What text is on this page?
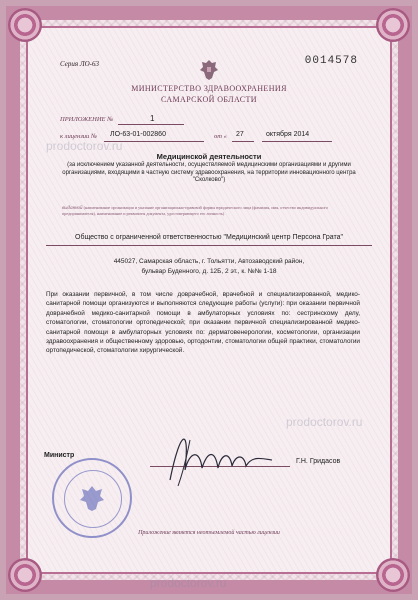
Серия ЛО-63	0014578
МИНИСТЕРСТВО ЗДРАВООХРАНЕНИЯ
САМАРСКОЙ ОБЛАСТИ
ПРИЛОЖЕНИЕ №	1
к лицензии № ЛО-63-01-002860	от « 27	октября 2014
Медицинской деятельности
(за исключением указанной деятельности, осуществляемой медицинскими организациями и другими организациями, входящими в частную систему здравоохранения, на территории инновационного центра "Сколково")
выданной (наименование организации и указание организационно-правовой формы юридического лица (фамилия, имя, отчество индивидуального предпринимателя), наименование и реквизиты документа, удостоверяющего его личность)
Общество с ограниченной ответственностью "Медицинский центр Персона Грата"
445027, Самарская область, г. Тольятти, Автозаводский район,
бульвар Буденного, д. 12Б, 2 эт., к. №№ 1-18
При оказании первичной, в том числе доврачебной, врачебной и специализированной, медико-санитарной помощи организуются и выполняются следующие работы (услуги): при оказании первичной доврачебной медико-санитарной помощи в амбулаторных условиях по: сестринскому делу, стоматологии, стоматологии ортопедической; при оказании первичной специализированной медико-санитарной помощи в амбулаторных условиях по: дерматовенерологии, косметологии, организации здравоохранения и общественному здоровью, ортодонтии, стоматологии общей практики, стоматологии ортопедической, стоматологии хирургической.
Министр
Г.Н. Гридасов
Приложение является неотъемлемой частью лицензии
prodoctorov.ru
prodoctorov.ru
prodoctorov.ru
